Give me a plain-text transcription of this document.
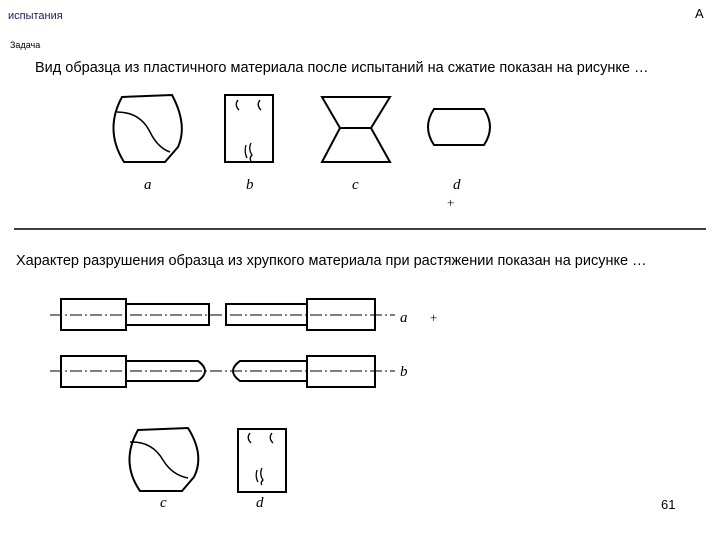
испытания	A
Задача
Вид образца из пластичного материала после испытаний на сжатие показан на рисунке …
Характер разрушения образца из хрупкого материала при растяжении показан на рисунке …
61
a	b	c	d
+
a +
b
c	d
